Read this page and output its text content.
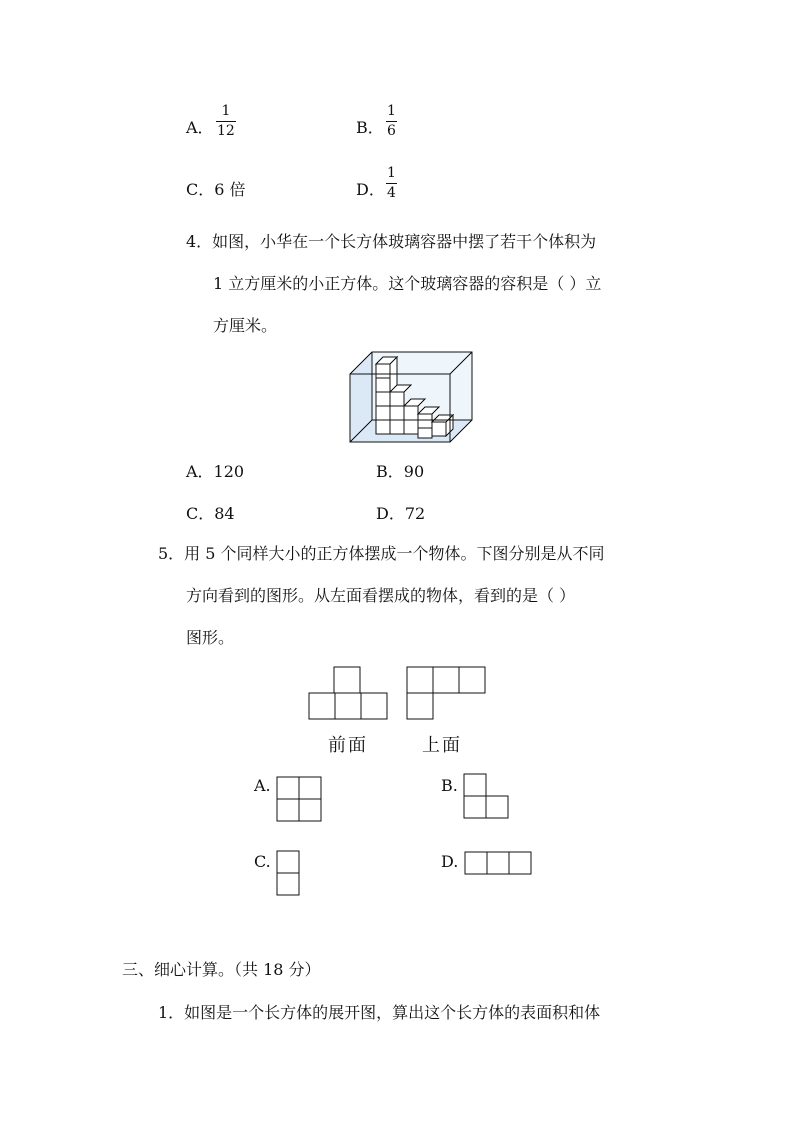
A．
1
12	B．
1
6
C．6 倍	D．
1
4
4．如图，小华在一个长方体玻璃容器中摆了若干个体积为
1 立方厘米的小正方体。这个玻璃容器的容积是（ ）立
方厘米。
A．120	B．90
C．84	D．72
5．用 5 个同样大小的正方体摆成一个物体。下图分别是从不同
方向看到的图形。从左面看摆成的物体，看到的是（ ）
图形。
前面	上面
A.	B.
C.	D.
三、细心计算。（共 18 分）
1．如图是一个长方体的展开图，算出这个长方体的表面积和体
